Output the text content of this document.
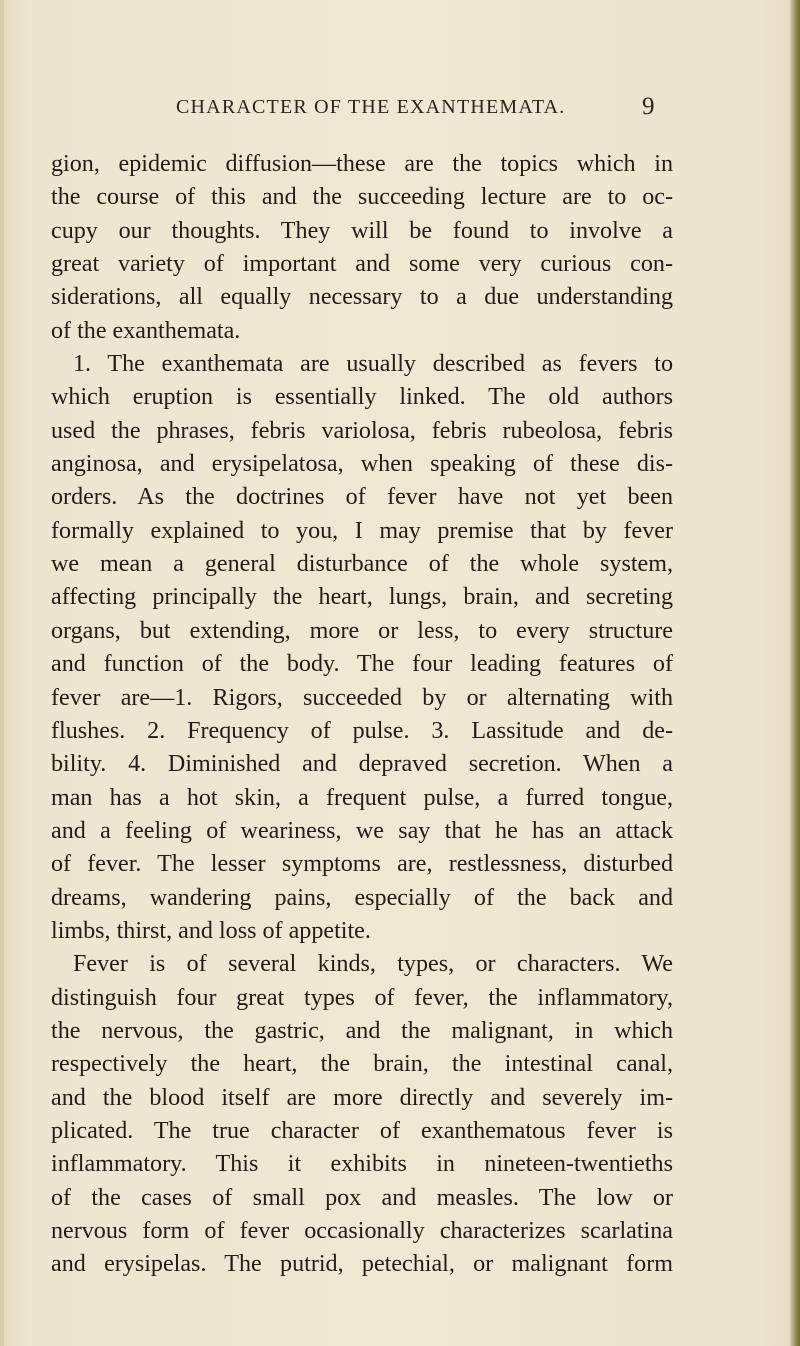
CHARACTER OF THE EXANTHEMATA.	9
gion, epidemic diffusion—these are the topics which in
the course of this and the succeeding lecture are to oc-
cupy our thoughts. They will be found to involve a
great variety of important and some very curious con-
siderations, all equally necessary to a due understanding
of the exanthemata.
1. The exanthemata are usually described as fevers to
which eruption is essentially linked. The old authors
used the phrases, febris variolosa, febris rubeolosa, febris
anginosa, and erysipelatosa, when speaking of these dis-
orders. As the doctrines of fever have not yet been
formally explained to you, I may premise that by fever
we mean a general disturbance of the whole system,
affecting principally the heart, lungs, brain, and secreting
organs, but extending, more or less, to every structure
and function of the body. The four leading features of
fever are—1. Rigors, succeeded by or alternating with
flushes. 2. Frequency of pulse. 3. Lassitude and de-
bility. 4. Diminished and depraved secretion. When a
man has a hot skin, a frequent pulse, a furred tongue,
and a feeling of weariness, we say that he has an attack
of fever. The lesser symptoms are, restlessness, disturbed
dreams, wandering pains, especially of the back and
limbs, thirst, and loss of appetite.
Fever is of several kinds, types, or characters. We
distinguish four great types of fever, the inflammatory,
the nervous, the gastric, and the malignant, in which
respectively the heart, the brain, the intestinal canal,
and the blood itself are more directly and severely im-
plicated. The true character of exanthematous fever is
inflammatory. This it exhibits in nineteen-twentieths
of the cases of small pox and measles. The low or
nervous form of fever occasionally characterizes scarlatina
and erysipelas. The putrid, petechial, or malignant form
